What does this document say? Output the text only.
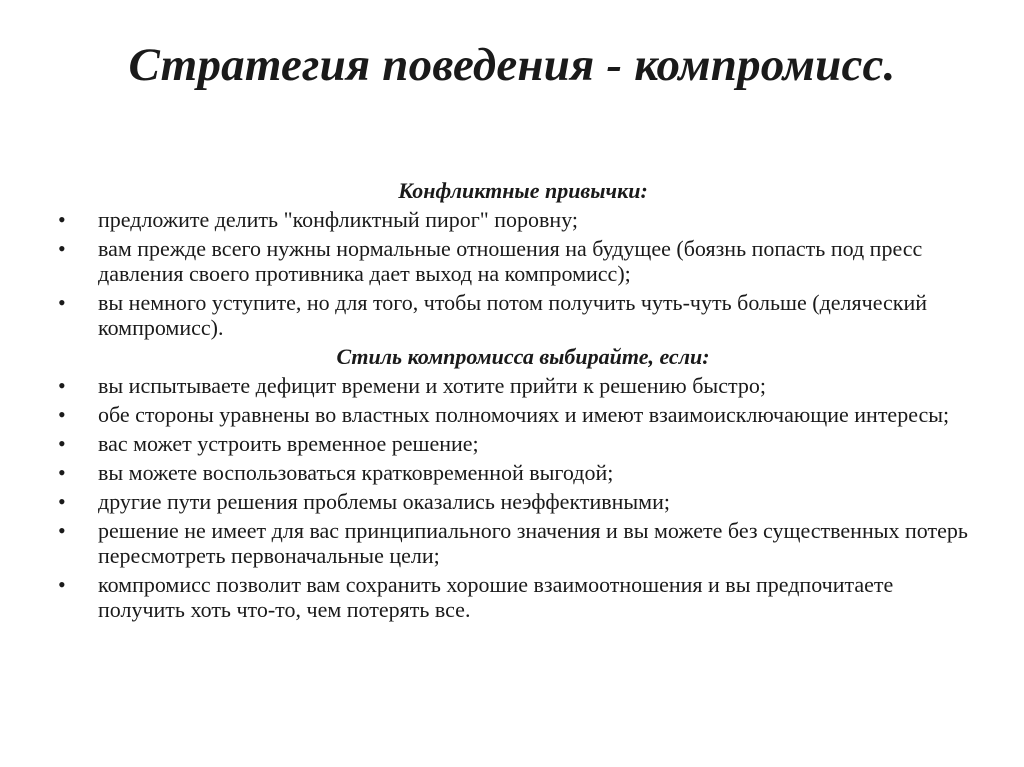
Стратегия поведения - компромисс.
Конфликтные привычки:
• предложите делить "конфликтный пирог" поровну;
• вам прежде всего нужны нормальные отношения на будущее (боязнь попасть под пресс давления своего противника дает выход на компромисс);
• вы немного уступите, но для того, чтобы потом получить чуть-чуть больше (деляческий компромисс).
Стиль компромисса выбирайте, если:
• вы испытываете дефицит времени и хотите прийти к решению быстро;
• обе стороны уравнены во властных полномочиях и имеют взаимоисключающие интересы;
• вас может устроить временное решение;
• вы можете воспользоваться кратковременной выгодой;
• другие пути решения проблемы оказались неэффективными;
• решение не имеет для вас принципиального значения и вы можете без существенных потерь пересмотреть первоначальные цели;
• компромисс позволит вам сохранить хорошие взаимоотношения и вы предпочитаете получить хоть что-то, чем потерять все.
